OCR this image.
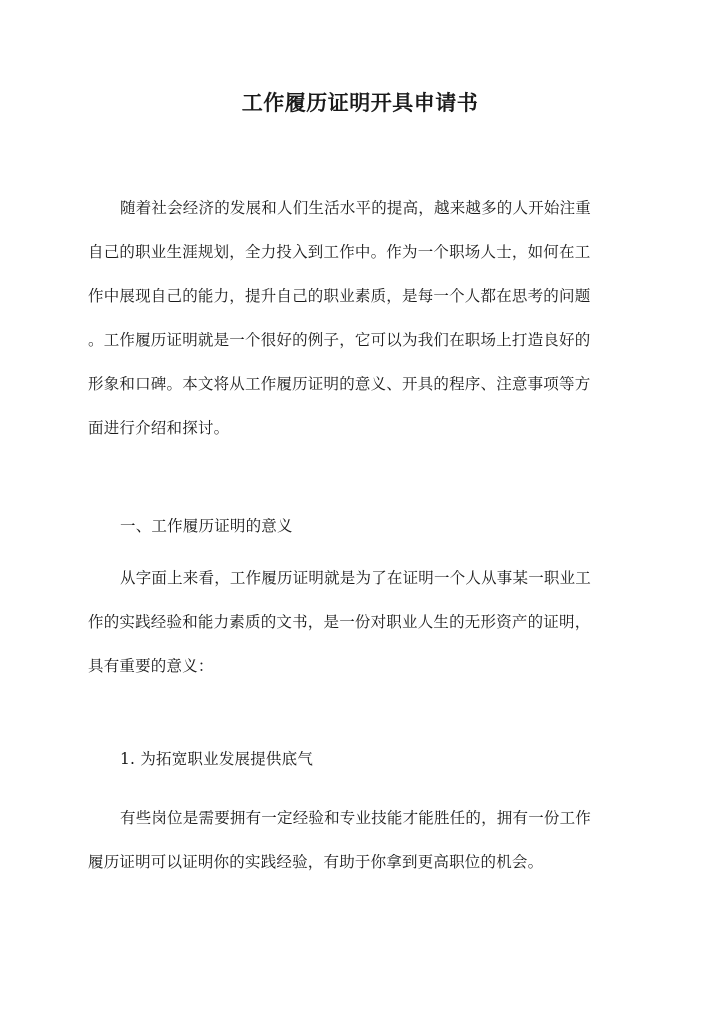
工作履历证明开具申请书
随着社会经济的发展和人们生活水平的提高，越来越多的人开始注重
自己的职业生涯规划，全力投入到工作中。作为一个职场人士，如何在工
作中展现自己的能力，提升自己的职业素质，是每一个人都在思考的问题
。工作履历证明就是一个很好的例子，它可以为我们在职场上打造良好的
形象和口碑。本文将从工作履历证明的意义、开具的程序、注意事项等方
面进行介绍和探讨。
一、工作履历证明的意义
从字面上来看，工作履历证明就是为了在证明一个人从事某一职业工
作的实践经验和能力素质的文书，是一份对职业人生的无形资产的证明，
具有重要的意义：
1. 为拓宽职业发展提供底气
有些岗位是需要拥有一定经验和专业技能才能胜任的，拥有一份工作
履历证明可以证明你的实践经验，有助于你拿到更高职位的机会。
